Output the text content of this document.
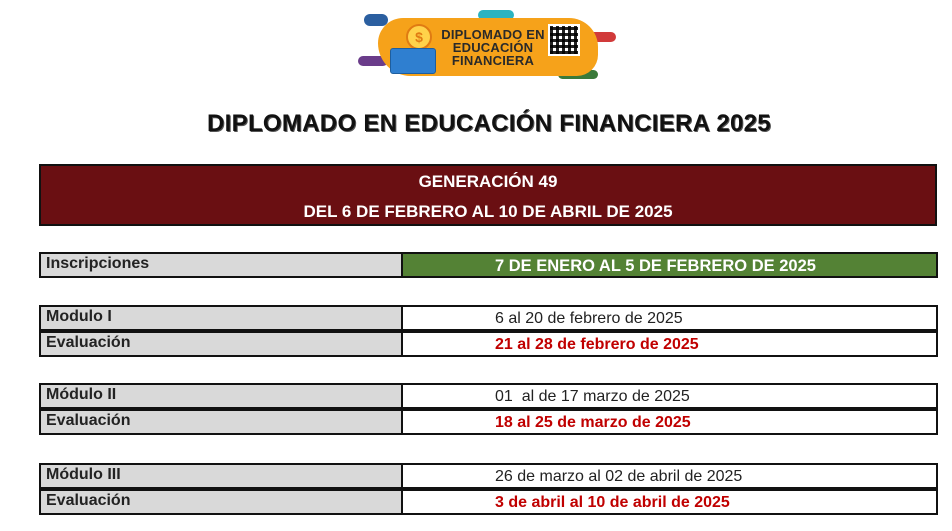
$	DIPLOMADO EN
EDUCACIÓN
FINANCIERA
DIPLOMADO EN EDUCACIÓN FINANCIERA 2025
GENERACIÓN 49
DEL 6 DE FEBRERO AL 10 DE ABRIL DE 2025
Inscripciones	7 DE ENERO AL 5 DE FEBRERO DE 2025
Modulo I	6 al 20 de febrero de 2025
Evaluación	21 al 28 de febrero de 2025
Módulo II	01  al de 17 marzo de 2025
Evaluación	18 al 25 de marzo de 2025
Módulo III	26 de marzo al 02 de abril de 2025
Evaluación	3 de abril al 10 de abril de 2025
